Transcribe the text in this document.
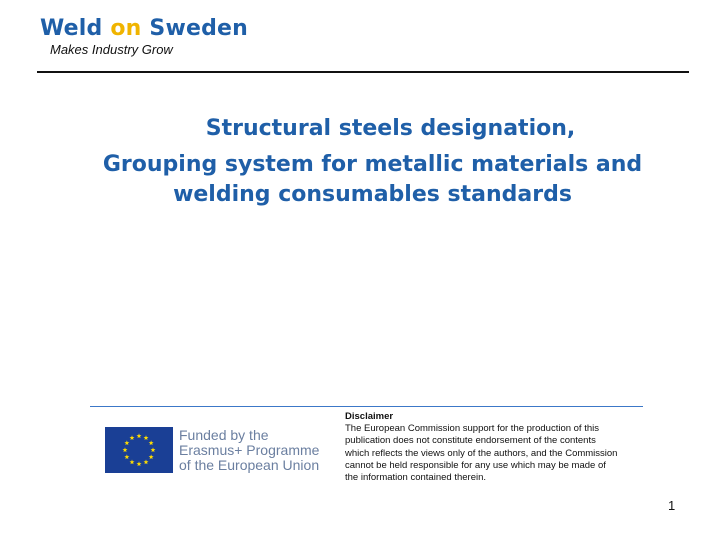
Weld on Sweden
Makes Industry Grow
Structural steels designation,
Grouping system for metallic materials and welding consumables standards
Funded by the
Erasmus+ Programme
of the European Union
Disclaimer
The European Commission support for the production of this
publication does not constitute endorsement of the contents
which reflects the views only of the authors, and the Commission
cannot be held responsible for any use which may be made of
the information contained therein.
1
